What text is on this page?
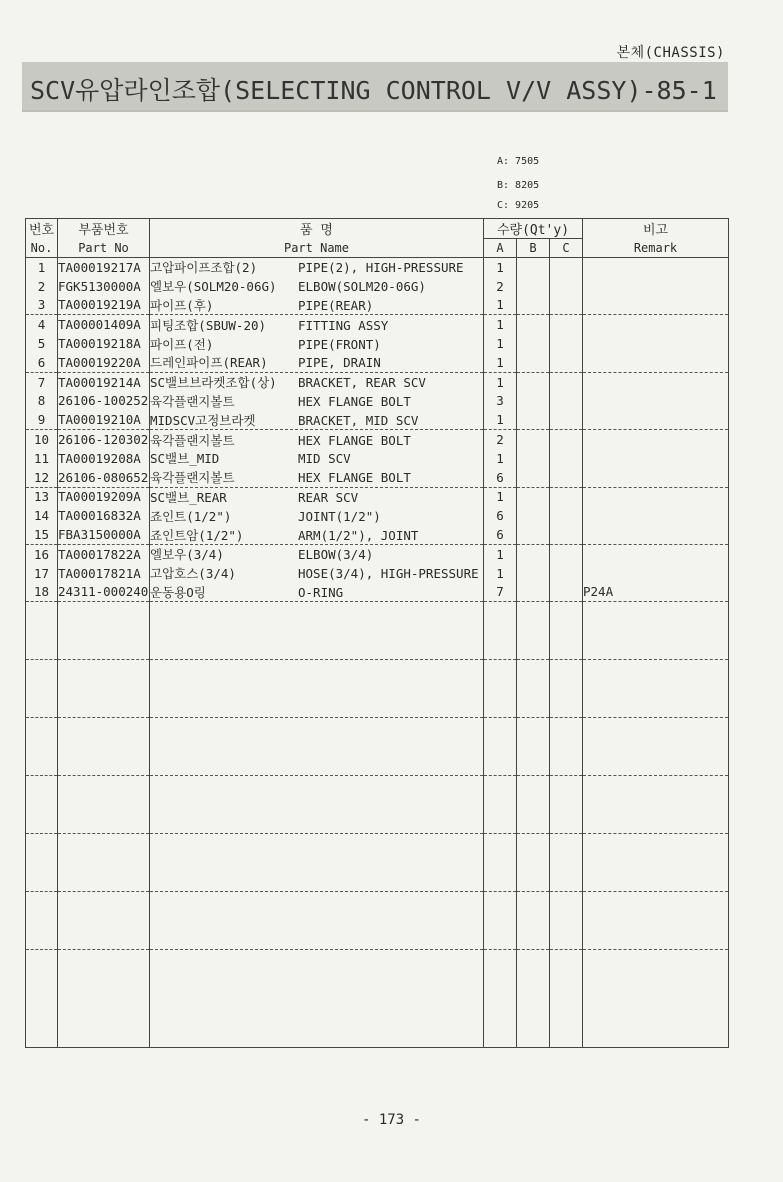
본체(CHASSIS)
SCV유압라인조합(SELECTING CONTROL V/V ASSY)-85-1
A: 7505
B: 8205
C: 9205
번호	부품번호	품 명	수량(Qt'y)			비고
No.	Part No	Part Name	A	B	C	Remark
1	TA00019217A	고압파이프조합(2) PIPE(2), HIGH-PRESSURE	1			
2	FGK5130000A	엘보우(SOLM20-06G) ELBOW(SOLM20-06G)	2			
3	TA00019219A	파이프(후) PIPE(REAR)	1			
4	TA00001409A	피팅조합(SBUW-20) FITTING ASSY	1			
5	TA00019218A	파이프(전) PIPE(FRONT)	1			
6	TA00019220A	드레인파이프(REAR) PIPE, DRAIN	1			
7	TA00019214A	SC밸브브라켓조합(상) BRACKET, REAR SCV	1			
8	26106-100252	육각플랜지볼트 HEX FLANGE BOLT	3			
9	TA00019210A	MIDSCV고정브라켓 BRACKET, MID SCV	1			
10	26106-120302	육각플랜지볼트 HEX FLANGE BOLT	2			
11	TA00019208A	SC밸브_MID MID SCV	1			
12	26106-080652	육각플랜지볼트 HEX FLANGE BOLT	6			
13	TA00019209A	SC밸브_REAR REAR SCV	1			
14	TA00016832A	죠인트(1/2") JOINT(1/2")	6			
15	FBA3150000A	죠인트암(1/2") ARM(1/2"), JOINT	6			
16	TA00017822A	엘보우(3/4) ELBOW(3/4)	1			
17	TA00017821A	고압호스(3/4) HOSE(3/4), HIGH-PRESSURE	1			
18	24311-000240	운동용O링 O-RING	7			P24A

- 173 -
